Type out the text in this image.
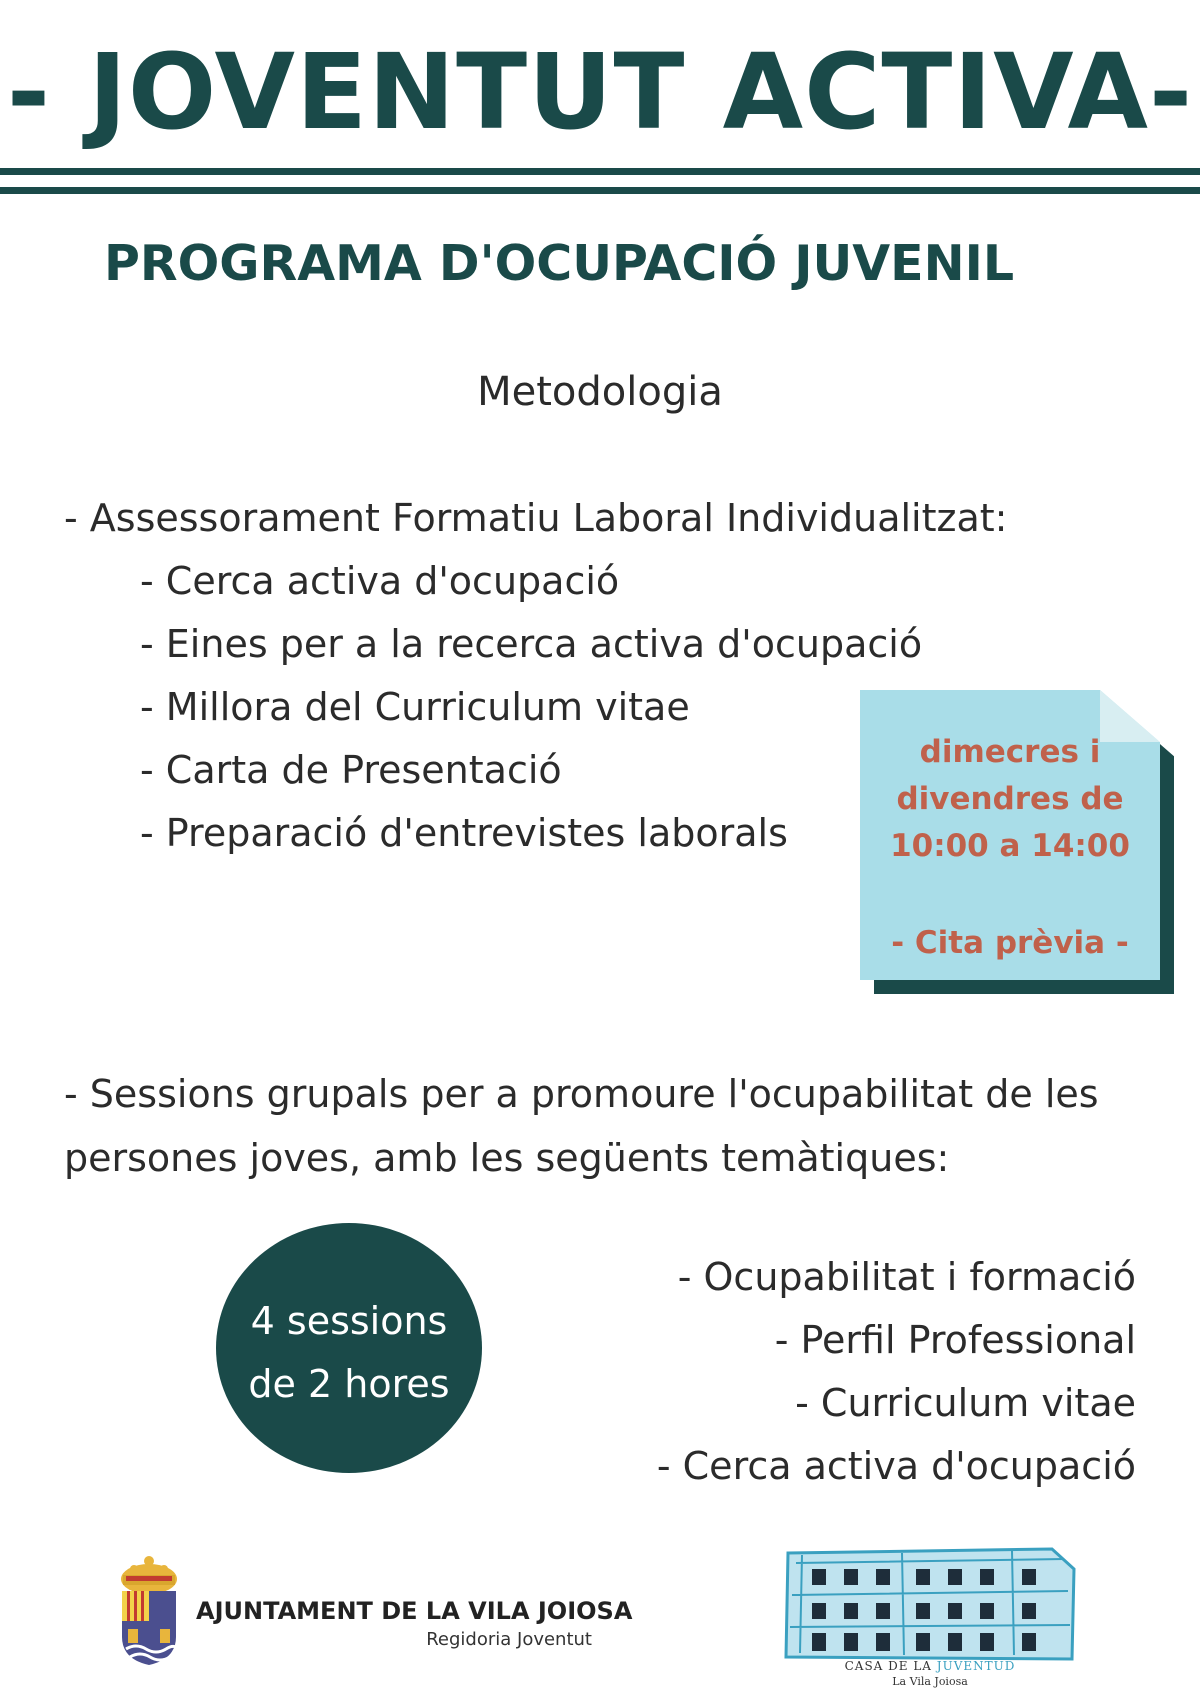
- JOVENTUT ACTIVA-
PROGRAMA D'OCUPACIÓ JUVENIL
Metodologia
- Assessorament Formatiu Laboral Individualitzat:
- Cerca activa d'ocupació
- Eines per a la recerca activa d'ocupació
- Millora del Curriculum vitae
- Carta de Presentació
- Preparació d'entrevistes laborals
dimecres i
divendres de
10:00 a 14:00
- Cita prèvia -
- Sessions grupals per a promoure l'ocupabilitat de les persones joves, amb les següents temàtiques:
4 sessions
de 2 hores
- Ocupabilitat i formació
- Perfil Professional
- Curriculum vitae
- Cerca activa d'ocupació
AJUNTAMENT DE LA VILA JOIOSA
Regidoria Joventut
CASA DE LA JUVENTUD
La Vila Joiosa
